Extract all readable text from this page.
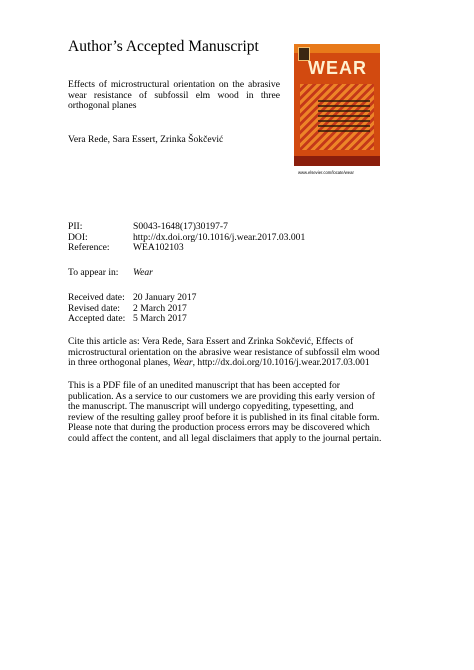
Author’s Accepted Manuscript
Effects of microstructural orientation on the abrasive wear resistance of subfossil elm wood in three orthogonal planes
Vera Rede, Sara Essert, Zrinka Šokčević
WEAR
www.elsevier.com/locate/wear
PII:	S0043-1648(17)30197-7
DOI:	http://dx.doi.org/10.1016/j.wear.2017.03.001
Reference: WEA102103
To appear in: Wear
Received date: 20 January 2017
Revised date: 2 March 2017
Accepted date: 5 March 2017
Cite this article as: Vera Rede, Sara Essert and Zrinka Šokčević, Effects of
microstructural orientation on the abrasive wear resistance of subfossil elm wood
in three orthogonal planes, Wear, http://dx.doi.org/10.1016/j.wear.2017.03.001
This is a PDF file of an unedited manuscript that has been accepted for
publication. As a service to our customers we are providing this early version of
the manuscript. The manuscript will undergo copyediting, typesetting, and
review of the resulting galley proof before it is published in its final citable form.
Please note that during the production process errors may be discovered which
could affect the content, and all legal disclaimers that apply to the journal pertain.
